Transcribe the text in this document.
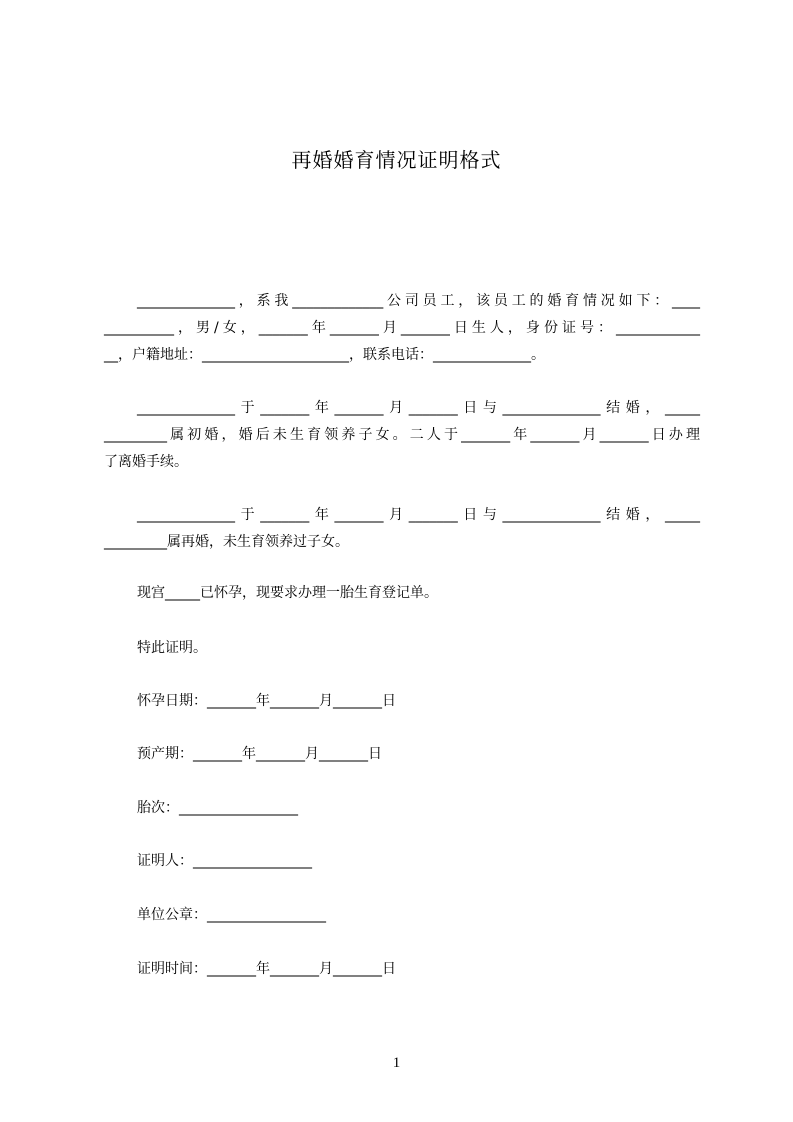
再婚婚育情况证明格式
______________，系我_____________公司员工，该员工的婚育情况如下：____
__________，男/女，_______年_______月_______日生人，身份证号：____________
__，户籍地址：_____________________，联系电话：______________。
______________于_______年_______月_______日与______________结婚，_____
_________属初婚，婚后未生育领养子女。二人于_______年_______月_______日办理
了离婚手续。
______________于_______年_______月_______日与______________结婚，_____
_________属再婚，未生育领养过子女。
现宫_____已怀孕，现要求办理一胎生育登记单。
特此证明。
怀孕日期：_______年_______月_______日
预产期：_______年_______月_______日
胎次：_________________
证明人：_________________
单位公章：_________________
证明时间：_______年_______月_______日
1
